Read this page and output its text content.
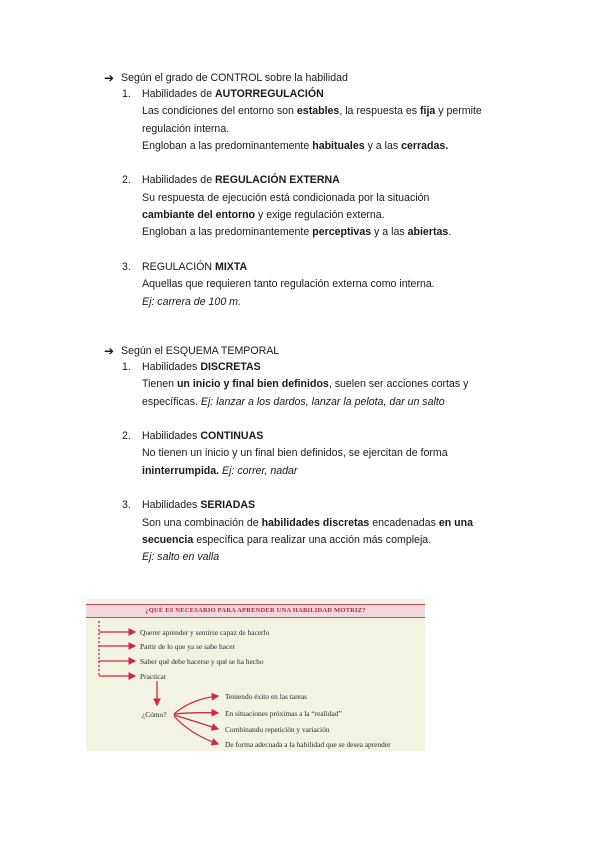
➔ Según el grado de CONTROL sobre la habilidad
1. Habilidades de AUTORREGULACIÓN
Las condiciones del entorno son estables, la respuesta es fija y permite
regulación interna.
Engloban a las predominantemente habituales y a las cerradas.
2. Habilidades de REGULACIÓN EXTERNA
Su respuesta de ejecución está condicionada por la situación
cambiante del entorno y exige regulación externa.
Engloban a las predominantemente perceptivas y a las abiertas.
3. REGULACIÓN MIXTA
Aquellas que requieren tanto regulación externa como interna.
Ej: carrera de 100 m.
➔ Según el ESQUEMA TEMPORAL
1. Habilidades DISCRETAS
Tienen un inicio y final bien definidos, suelen ser acciones cortas y
específicas. Ej: lanzar a los dardos, lanzar la pelota, dar un salto
2. Habilidades CONTINUAS
No tienen un inicio y un final bien definidos, se ejercitan de forma
ininterrumpida. Ej: correr, nadar
3. Habilidades SERIADAS
Son una combinación de habilidades discretas encadenadas en una
secuencia específica para realizar una acción más compleja.
Ej: salto en valla
¿QUÉ ES NECESARIO PARA APRENDER UNA HABILIDAD MOTRIZ?
Querer aprender y sentirse capaz de hacerlo
Partir de lo que ya se sabe hacer
Saber qué debe hacerse y qué se ha hecho
Practicar
¿Cómo?
Teniendo éxito en las tareas
En situaciones próximas a la “realidad”
Combinando repetición y variación
De forma adecuada a la habilidad que se desea aprender
